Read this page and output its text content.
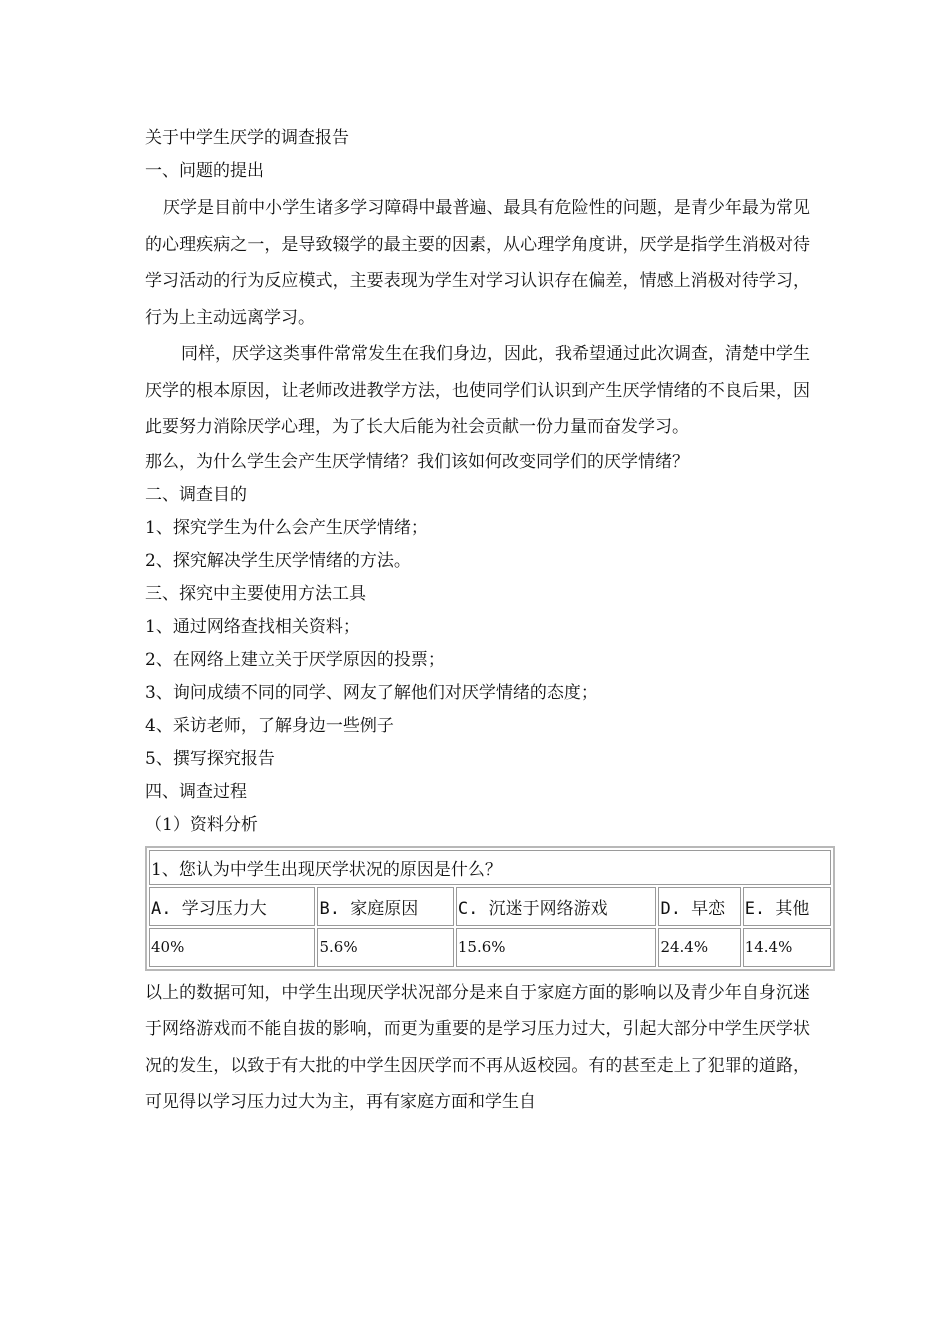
关于中学生厌学的调查报告

一、问题的提出

厌学是目前中小学生诸多学习障碍中最普遍、最具有危险性的问题，是青少年最为常见的心理疾病之一，是导致辍学的最主要的因素，从心理学角度讲，厌学是指学生消极对待学习活动的行为反应模式，主要表现为学生对学习认识存在偏差，情感上消极对待学习，行为上主动远离学习。

同样，厌学这类事件常常发生在我们身边，因此，我希望通过此次调查，清楚中学生厌学的根本原因，让老师改进教学方法，也使同学们认识到产生厌学情绪的不良后果，因此要努力消除厌学心理，为了长大后能为社会贡献一份力量而奋发学习。

那么，为什么学生会产生厌学情绪？我们该如何改变同学们的厌学情绪？

二、调查目的

1、探究学生为什么会产生厌学情绪；

2、探究解决学生厌学情绪的方法。

三、探究中主要使用方法工具

1、通过网络查找相关资料；

2、在网络上建立关于厌学原因的投票；

3、询问成绩不同的同学、网友了解他们对厌学情绪的态度；

4、采访老师，了解身边一些例子

5、撰写探究报告

四、调查过程

（1）资料分析

1、您认为中学生出现厌学状况的原因是什么？				
A. 学习压力大	B. 家庭原因	C. 沉迷于网络游戏	D. 早恋	E. 其他
40%	5.6%	15.6%	24.4%	14.4%

以上的数据可知，中学生出现厌学状况部分是来自于家庭方面的影响以及青少年自身沉迷于网络游戏而不能自拔的影响，而更为重要的是学习压力过大，引起大部分中学生厌学状况的发生，以致于有大批的中学生因厌学而不再从返校园。有的甚至走上了犯罪的道路，可见得以学习压力过大为主，再有家庭方面和学生自
